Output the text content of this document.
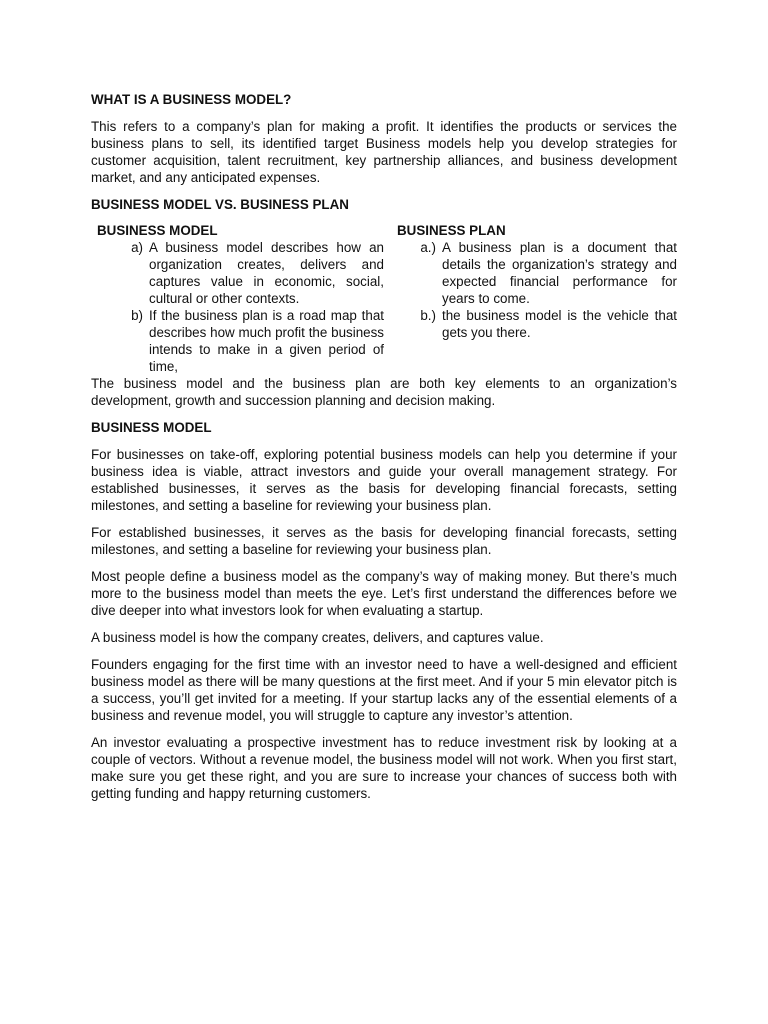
WHAT IS A BUSINESS MODEL?

This refers to a company’s plan for making a profit. It identifies the products or services the business plans to sell, its identified target Business models help you develop strategies for customer acquisition, talent recruitment, key partnership alliances, and business development market, and any anticipated expenses.

BUSINESS MODEL VS. BUSINESS PLAN
BUSINESS MODEL
a) A business model describes how an organization creates, delivers and captures value in economic, social, cultural or other contexts.
b) If the business plan is a road map that describes how much profit the business intends to make in a given period of time,
BUSINESS PLAN
a.) A business plan is a document that details the organization’s strategy and expected financial performance for years to come.
b.) the business model is the vehicle that gets you there.

The business model and the business plan are both key elements to an organization’s development, growth and succession planning and decision making.

BUSINESS MODEL

For businesses on take-off, exploring potential business models can help you determine if your business idea is viable, attract investors and guide your overall management strategy. For established businesses, it serves as the basis for developing financial forecasts, setting milestones, and setting a baseline for reviewing your business plan.

For established businesses, it serves as the basis for developing financial forecasts, setting milestones, and setting a baseline for reviewing your business plan.

Most people define a business model as the company’s way of making money. But there’s much more to the business model than meets the eye. Let’s first understand the differences before we dive deeper into what investors look for when evaluating a startup.

A business model is how the company creates, delivers, and captures value.

Founders engaging for the first time with an investor need to have a well-designed and efficient business model as there will be many questions at the first meet. And if your 5 min elevator pitch is a success, you’ll get invited for a meeting. If your startup lacks any of the essential elements of a business and revenue model, you will struggle to capture any investor’s attention.

An investor evaluating a prospective investment has to reduce investment risk by looking at a couple of vectors. Without a revenue model, the business model will not work. When you first start, make sure you get these right, and you are sure to increase your chances of success both with getting funding and happy returning customers.
